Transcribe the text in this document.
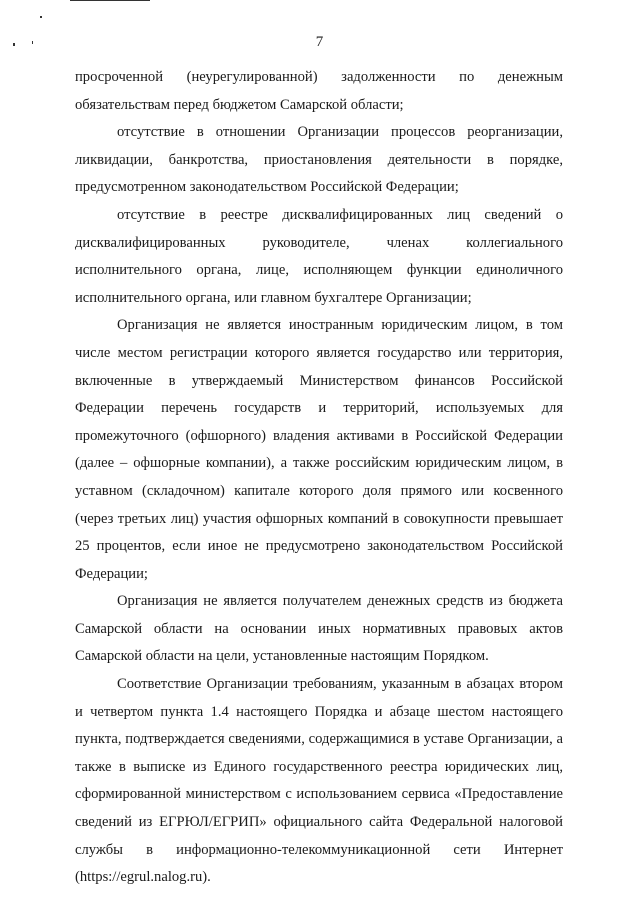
7

просроченной (неурегулированной) задолженности по денежным обязательствам перед бюджетом Самарской области;

отсутствие в отношении Организации процессов реорганизации, ликвидации, банкротства, приостановления деятельности в порядке, предусмотренном законодательством Российской Федерации;

отсутствие в реестре дисквалифицированных лиц сведений о дисквалифицированных руководителе, членах коллегиального исполнительного органа, лице, исполняющем функции единоличного исполнительного органа, или главном бухгалтере Организации;

Организация не является иностранным юридическим лицом, в том числе местом регистрации которого является государство или территория, включенные в утверждаемый Министерством финансов Российской Федерации перечень государств и территорий, используемых для промежуточного (офшорного) владения активами в Российской Федерации (далее – офшорные компании), а также российским юридическим лицом, в уставном (складочном) капитале которого доля прямого или косвенного (через третьих лиц) участия офшорных компаний в совокупности превышает 25 процентов, если иное не предусмотрено законодательством Российской Федерации;

Организация не является получателем денежных средств из бюджета Самарской области на основании иных нормативных правовых актов Самарской области на цели, установленные настоящим Порядком.

Соответствие Организации требованиям, указанным в абзацах втором и четвертом пункта 1.4 настоящего Порядка и абзаце шестом настоящего пункта, подтверждается сведениями, содержащимися в уставе Организации, а также в выписке из Единого государственного реестра юридических лиц, сформированной министерством с использованием сервиса «Предоставление сведений из ЕГРЮЛ/ЕГРИП» официального сайта Федеральной налоговой службы в информационно-телекоммуникационной сети Интернет (https://egrul.nalog.ru).
